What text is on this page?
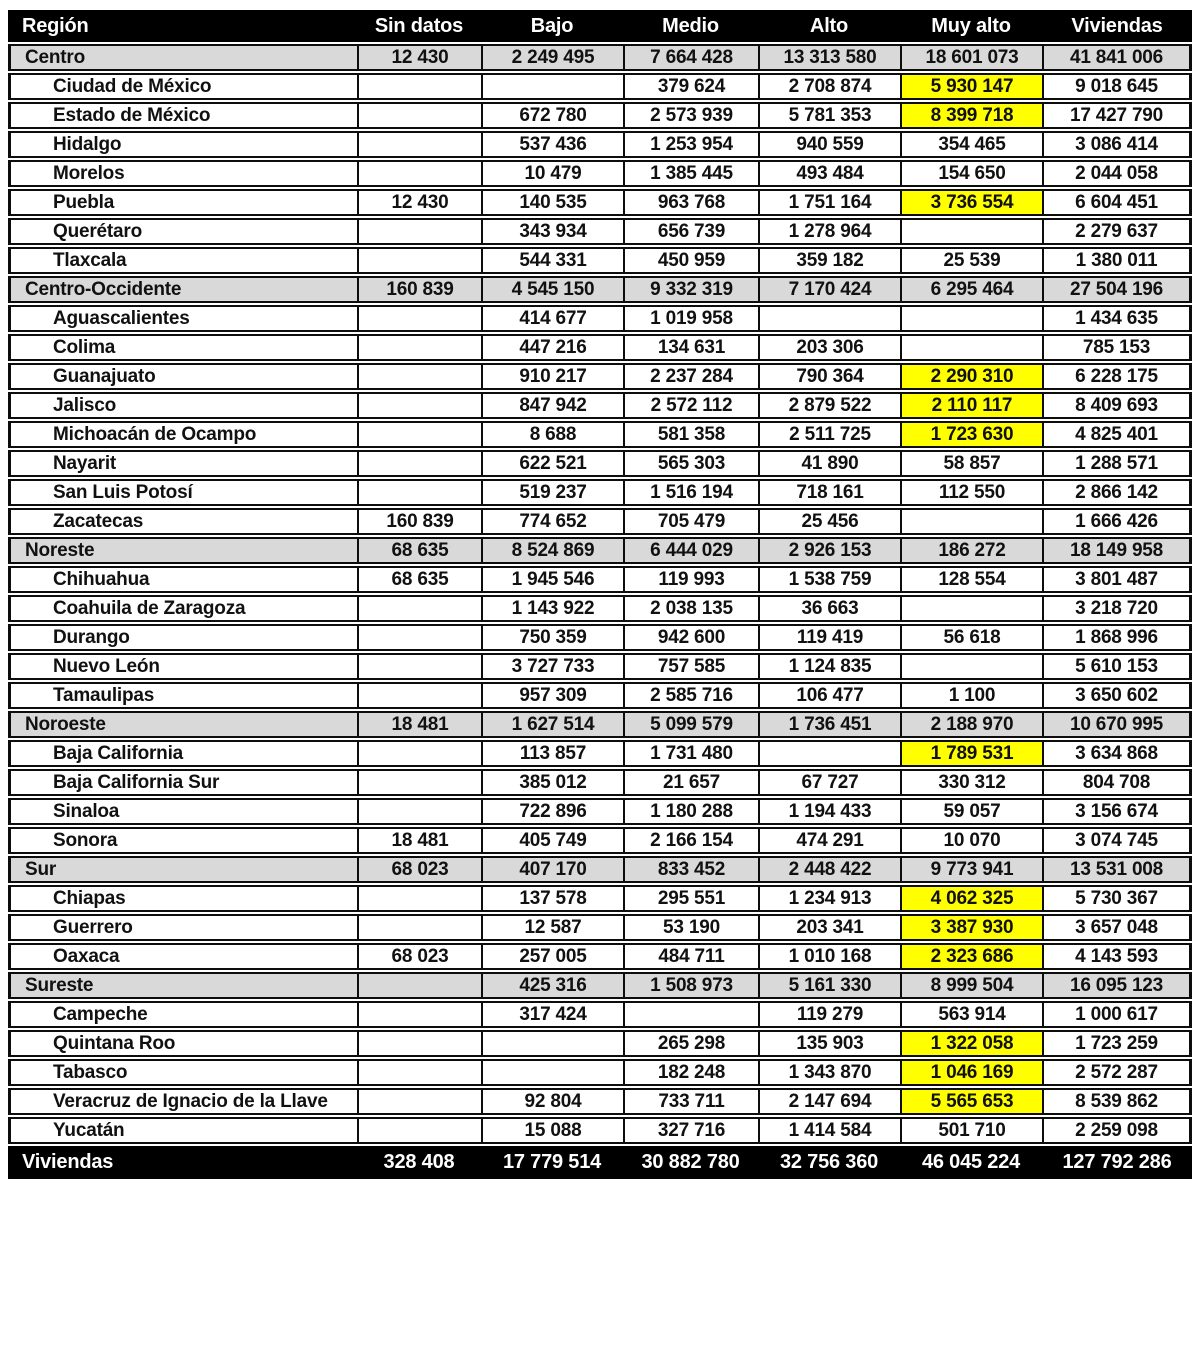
Región	Sin datos	Bajo	Medio	Alto	Muy alto	Viviendas
Centro	12 430	2 249 495	7 664 428	13 313 580	18 601 073	41 841 006
Ciudad de México			379 624	2 708 874	5 930 147	9 018 645
Estado de México		672 780	2 573 939	5 781 353	8 399 718	17 427 790
Hidalgo		537 436	1 253 954	940 559	354 465	3 086 414
Morelos		10 479	1 385 445	493 484	154 650	2 044 058
Puebla	12 430	140 535	963 768	1 751 164	3 736 554	6 604 451
Querétaro		343 934	656 739	1 278 964		2 279 637
Tlaxcala		544 331	450 959	359 182	25 539	1 380 011
Centro-Occidente	160 839	4 545 150	9 332 319	7 170 424	6 295 464	27 504 196
Aguascalientes		414 677	1 019 958			1 434 635
Colima		447 216	134 631	203 306		785 153
Guanajuato		910 217	2 237 284	790 364	2 290 310	6 228 175
Jalisco		847 942	2 572 112	2 879 522	2 110 117	8 409 693
Michoacán de Ocampo		8 688	581 358	2 511 725	1 723 630	4 825 401
Nayarit		622 521	565 303	41 890	58 857	1 288 571
San Luis Potosí		519 237	1 516 194	718 161	112 550	2 866 142
Zacatecas	160 839	774 652	705 479	25 456		1 666 426
Noreste	68 635	8 524 869	6 444 029	2 926 153	186 272	18 149 958
Chihuahua	68 635	1 945 546	119 993	1 538 759	128 554	3 801 487
Coahuila de Zaragoza		1 143 922	2 038 135	36 663		3 218 720
Durango		750 359	942 600	119 419	56 618	1 868 996
Nuevo León		3 727 733	757 585	1 124 835		5 610 153
Tamaulipas		957 309	2 585 716	106 477	1 100	3 650 602
Noroeste	18 481	1 627 514	5 099 579	1 736 451	2 188 970	10 670 995
Baja California		113 857	1 731 480		1 789 531	3 634 868
Baja California Sur		385 012	21 657	67 727	330 312	804 708
Sinaloa		722 896	1 180 288	1 194 433	59 057	3 156 674
Sonora	18 481	405 749	2 166 154	474 291	10 070	3 074 745
Sur	68 023	407 170	833 452	2 448 422	9 773 941	13 531 008
Chiapas		137 578	295 551	1 234 913	4 062 325	5 730 367
Guerrero		12 587	53 190	203 341	3 387 930	3 657 048
Oaxaca	68 023	257 005	484 711	1 010 168	2 323 686	4 143 593
Sureste		425 316	1 508 973	5 161 330	8 999 504	16 095 123
Campeche		317 424		119 279	563 914	1 000 617
Quintana Roo			265 298	135 903	1 322 058	1 723 259
Tabasco			182 248	1 343 870	1 046 169	2 572 287
Veracruz de Ignacio de la Llave		92 804	733 711	2 147 694	5 565 653	8 539 862
Yucatán		15 088	327 716	1 414 584	501 710	2 259 098
Viviendas	328 408	17 779 514	30 882 780	32 756 360	46 045 224	127 792 286
